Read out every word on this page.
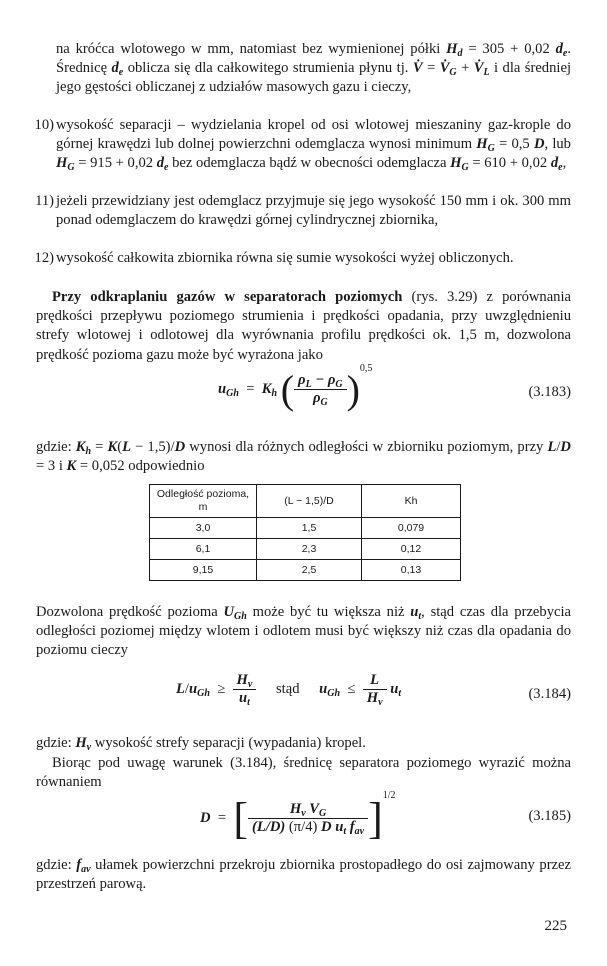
na króćca wlotowego w mm, natomiast bez wymienionej półki $H_d = 305 + 0,02$ $d_e$. Średnicę $d_e$ oblicza się dla całkowitego strumienia płynu tj. V̇ = $V̇_G$ + $V̇_L$ i dla średniej jego gęstości obliczanej z udziałów masowych gazu i cieczy,
10) wysokość separacji – wydzielania kropel od osi wlotowej mieszaniny gaz-krople do górnej krawędzi lub dolnej powierzchni odemglacza wynosi minimum $H_G = 0,5$ D, lub $H_G = 915 + 0,02$ $d_e$ bez odemglacza bądź w obecności odemglacza $H_G = 610 + 0,02$ $d_e$,
11) jeżeli przewidziany jest odemglacz przyjmuje się jego wysokość 150 mm i ok. 300 mm ponad odemglaczem do krawędzi górnej cylindrycznej zbiornika,
12) wysokość całkowita zbiornika równa się sumie wysokości wyżej obliczonych.
Przy odkraplaniu gazów w separatorach poziomych (rys. 3.29) z porównania prędkości przepływu poziomego strumienia i prędkości opadania, przy uwzględnieniu strefy wlotowej i odlotowej dla wyrównania profilu prędkości ok. 1,5 m, dozwolona prędkość pozioma gazu może być wyrażona jako
$u_{Gh} = K_h$ ( $\frac{\rho_L - \rho_G}{\rho_G} )^{0,5}$
(3.183)
gdzie: $K_h = K(L - 1,5)/D$ wynosi dla różnych odległości w zbiorniku poziomym, przy L/D = 3 i K = 0,052 odpowiednio
Odległość pozioma, m	(L − 1,5)/D	Kh
3,0	1,5	0,079
6,1	2,3	0,12
9,15	2,5	0,13
Dozwolona prędkość pozioma $U_{Gh}$ może być tu większa niż $u_t$, stąd czas dla przebycia odległości poziomej między wlotem i odlotem musi być większy niż czas dla opadania do poziomu cieczy
$L/u_{Gh} \ge \frac{H_v}{u_t}$ stąd $u_{Gh} \le \frac{L}{H_v} u_t$	(3.184)
gdzie: $H_v$ wysokość strefy separacji (wypadania) kropel.
Biorąc pod uwagę warunek (3.184), średnicę separatora poziomego wyrazić można równaniem
D  =  [ $\frac{H_v V_G}{(L/D) (\pi/4) D u_t f_{av}} ]^{1/2}$
(3.185)
gdzie: $f_{av}$ ułamek powierzchni przekroju zbiornika prostopadłego do osi zajmowany przez przestrzeń parową.
225
